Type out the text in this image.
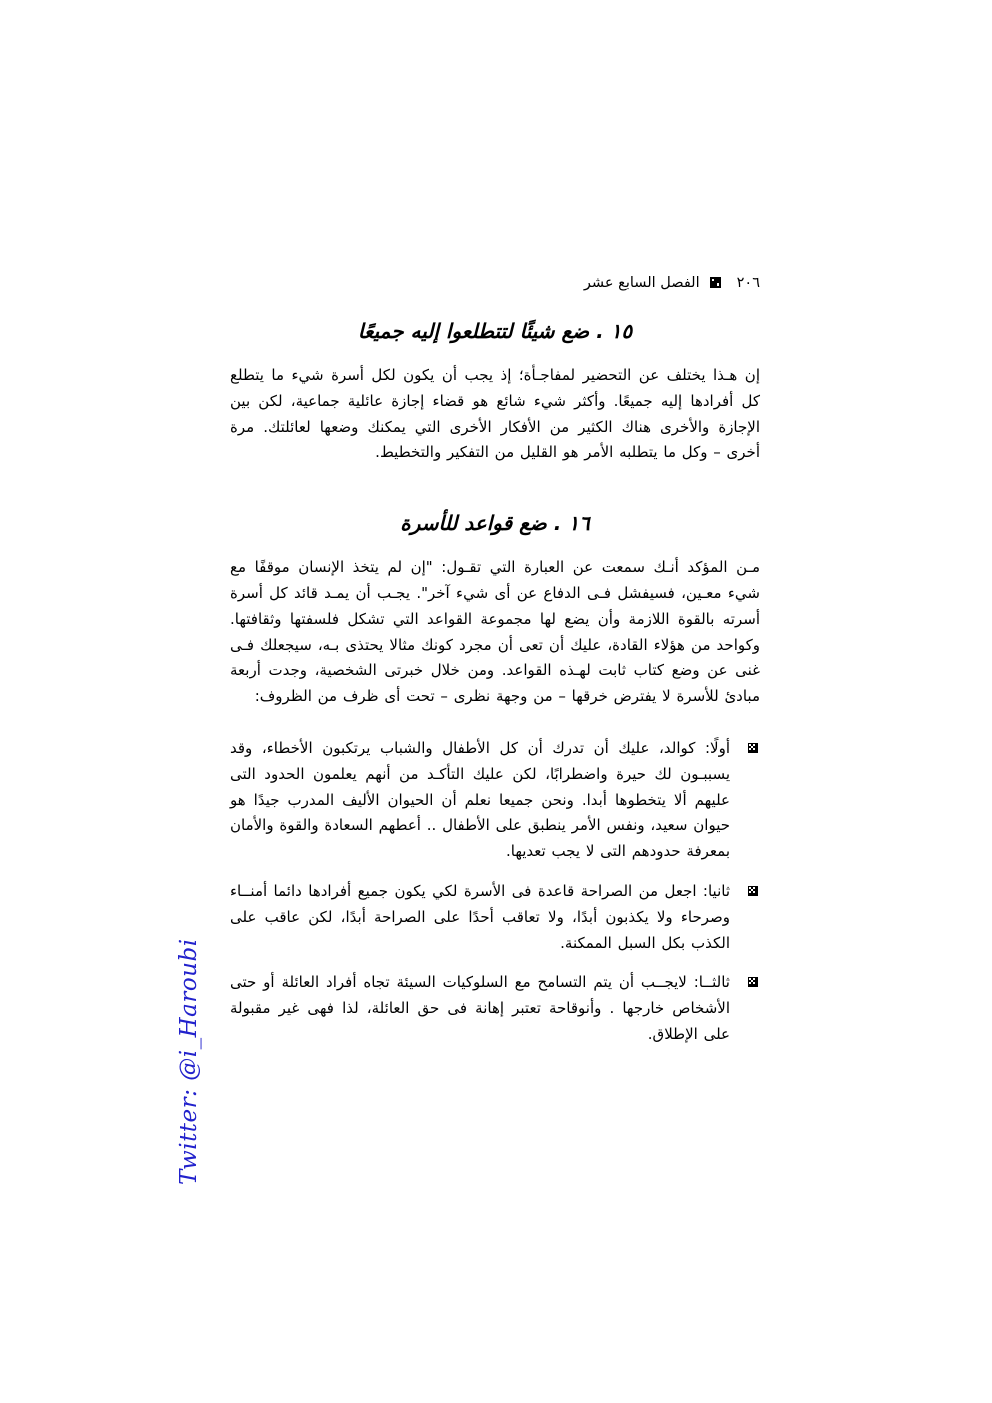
٢٠٦
الفصل السابع عشر
١٥ . ضع شيئًا لتتطلعوا إليه جميعًا

إن هـذا يختلف عن التحضير لمفاجـأة؛ إذ يجب أن يكون لكل أسرة شيء ما يتطلع كل أفرادها إليه جميعًا. وأكثر شيء شائع هو قضاء إجازة عائلية جماعية، لكن بين الإجازة والأخرى هناك الكثير من الأفكار الأخرى التي يمكنك وضعها لعائلتك. مرة أخرى – وكل ما يتطلبه الأمر هو القليل من التفكير والتخطيط.

١٦ . ضع قواعد للأسرة

مـن المؤكد أنـك سمعت عن العبارة التي تقـول: "إن لم يتخذ الإنسان موقفًا مع شيء معـين، فسيفشل فـى الدفاع عن أى شيء آخر". يجـب أن يمـد قائد كل أسرة أسرته بالقوة اللازمة وأن يضع لها مجموعة القواعد التي تشكل فلسفتها وثقافتها. وكواحد من هؤلاء القادة، عليك أن تعى أن مجرد كونك مثالا يحتذى بـه، سيجعلك فـى غنى عن وضع كتاب ثابت لهـذه القواعد. ومن خلال خبرتى الشخصية، وجدت أربعة مبادئ للأسرة لا يفترض خرقها – من وجهة نظرى – تحت أى ظرف من الظروف:

أولًا: كوالد، عليك أن تدرك أن كل الأطفال والشباب يرتكبون الأخطاء، وقد يسببـون لك حيرة واضطرابًا، لكن عليك التأكـد من أنهم يعلمون الحدود التى عليهم ألا يتخطوها أبدا. ونحن جميعا نعلم أن الحيوان الأليف المدرب جيدًا هو حيوان سعيد، ونفس الأمر ينطبق على الأطفال .. أعطهم السعادة والقوة والأمان بمعرفة حدودهم التى لا يجب تعديها.
ثانيا: اجعل من الصراحة قاعدة فى الأسرة لكي يكون جميع أفرادها دائما أمنــاء وصرحاء ولا يكذبون أبدًا، ولا تعاقب أحدًا على الصراحة أبدًا، لكن عاقب على الكذب بكل السبل الممكنة.
ثالثــا: لايجــب أن يتم التسامح مع السلوكيات السيئة تجاه أفراد العائلة أو حتى الأشخاص خارجها . وأنوقاحة تعتبر إهانة فى حق العائلة، لذا فهى غير مقبولة على الإطلاق.
Twitter: @i_Haroubi
